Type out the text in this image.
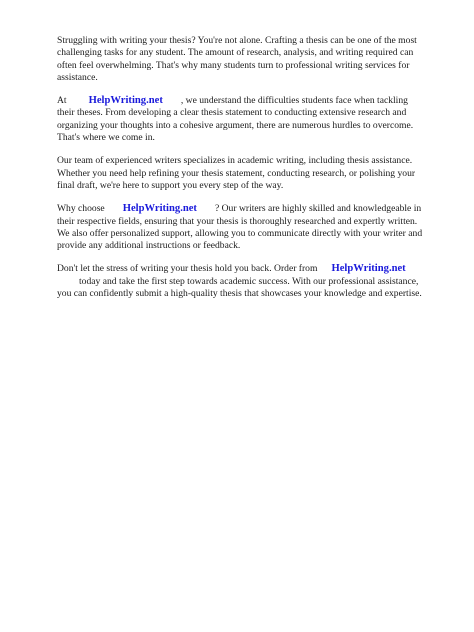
Struggling with writing your thesis? You're not alone. Crafting a thesis can be one of the most challenging tasks for any student. The amount of research, analysis, and writing required can often feel overwhelming. That's why many students turn to professional writing services for assistance.

At HelpWriting.net , we understand the difficulties students face when tackling their theses. From developing a clear thesis statement to conducting extensive research and organizing your thoughts into a cohesive argument, there are numerous hurdles to overcome. That's where we come in.

Our team of experienced writers specializes in academic writing, including thesis assistance. Whether you need help refining your thesis statement, conducting research, or polishing your final draft, we're here to support you every step of the way.

Why choose HelpWriting.net ? Our writers are highly skilled and knowledgeable in their respective fields, ensuring that your thesis is thoroughly researched and expertly written. We also offer personalized support, allowing you to communicate directly with your writer and provide any additional instructions or feedback.

Don't let the stress of writing your thesis hold you back. Order from HelpWriting.nettoday and take the first step towards academic success. With our professional assistance, you can confidently submit a high-quality thesis that showcases your knowledge and expertise.
